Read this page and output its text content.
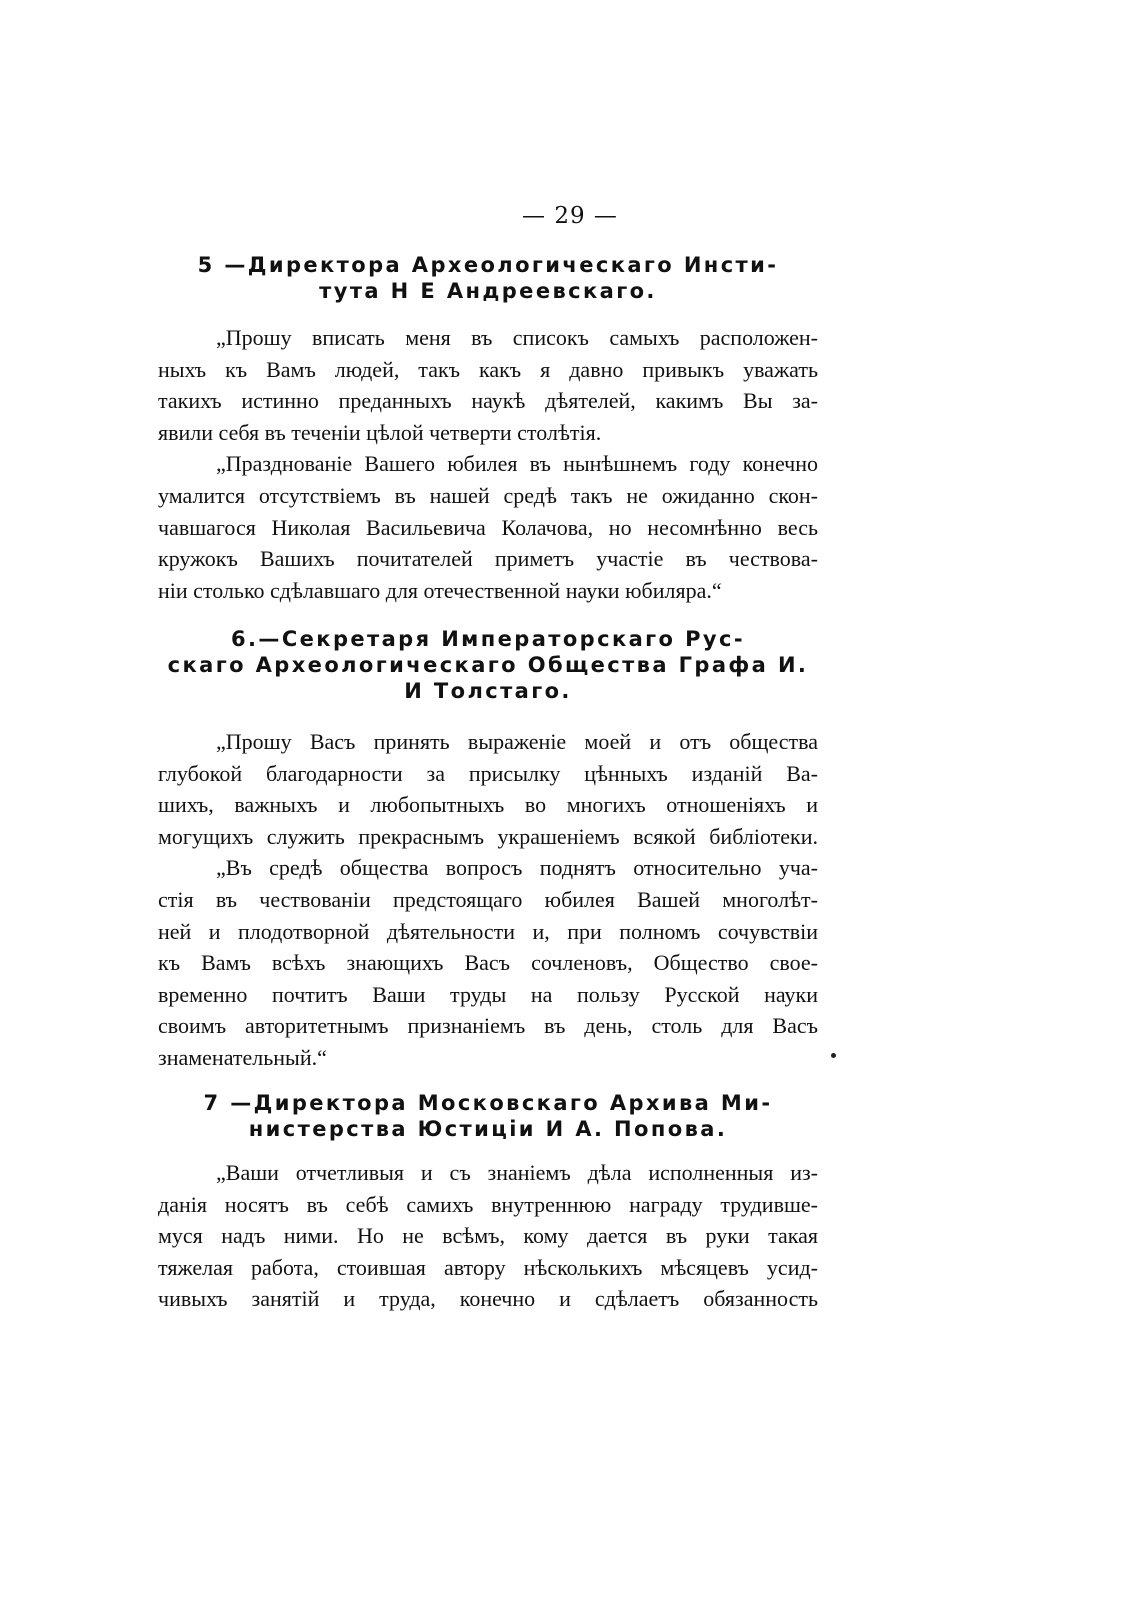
— 29 —
5 —Директора Археологическаго Инсти-
тута Н Е Андреевскаго.

„Прошу вписать меня въ списокъ самыхъ расположен-
ныхъ къ Вамъ людей, такъ какъ я давно привыкъ уважать
такихъ истинно преданныхъ наукѣ дѣятелей, какимъ Вы за-
явили себя въ теченіи цѣлой четверти столѣтія.

„Празднованіе Вашего юбилея въ нынѣшнемъ году конечно
умалится отсутствіемъ въ нашей средѣ такъ не ожиданно скон-
чавшагося Николая Васильевича Колачова, но несомнѣнно весь
кружокъ Вашихъ почитателей приметъ участіе въ чествова-
ніи столько сдѣлавшаго для отечественной науки юбиляра.“

6.—Секретаря Императорскаго Рус-
скаго Археологическаго Общества Графа И.
И Толстаго.

„Прошу Васъ принять выраженіе моей и отъ общества
глубокой благодарности за присылку цѣнныхъ изданій Ва-
шихъ, важныхъ и любопытныхъ во многихъ отношеніяхъ и
могущихъ служить прекраснымъ украшеніемъ всякой библіотеки.

„Въ средѣ общества вопросъ поднятъ относительно уча-
стія въ чествованіи предстоящаго юбилея Вашей многолѣт-
ней и плодотворной дѣятельности и, при полномъ сочувствіи
къ Вамъ всѣхъ знающихъ Васъ сочленовъ, Общество свое-
временно почтитъ Ваши труды на пользу Русской науки
своимъ авторитетнымъ признаніемъ въ день, столь для Васъ
знаменательный.“

7 —Директора Московскаго Архива Ми-
нистерства Юстиціи И А. Попова.

„Ваши отчетливыя и съ знаніемъ дѣла исполненныя из-
данія носятъ въ себѣ самихъ внутреннюю награду трудивше-
муся надъ ними. Но не всѣмъ, кому дается въ руки такая
тяжелая работа, стоившая автору нѣсколькихъ мѣсяцевъ усид-
чивыхъ занятій и труда, конечно и сдѣлаетъ обязанность
